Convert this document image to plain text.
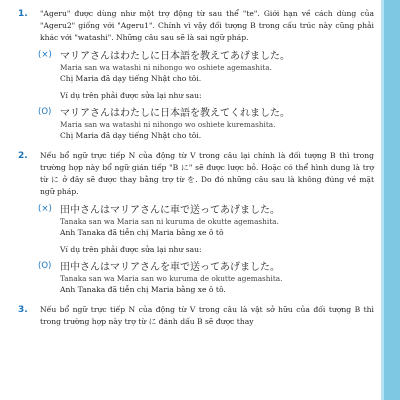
1. "Ageru" được dùng như một trợ động từ sau thể "te". Giới hạn về cách dùng của "Ageru2" giống với "Ageru1". Chính vì vậy đối tượng B trong cấu trúc này cũng phải khác với "watashi". Những câu sau sẽ là sai ngữ pháp.

(×) マリアさんはわたしに日本語を教えてあげました。
Maria san wa watashi ni nihongo wo oshiete agemashita.
Chị Maria đã dạy tiếng Nhật cho tôi.
Ví dụ trên phải được sửa lại như sau:
(O) マリアさんはわたしに日本語を教えてくれました。
Maria san wa watashi ni nihongo wo oshiete kuremashita.
Chị Maria đã dạy tiếng Nhật cho tôi.
2. Nếu bổ ngữ trực tiếp N của động từ V trong câu lại chính là đối tượng B thì trong trường hợp này bổ ngữ gián tiếp "B に" sẽ được lược bỏ. Hoặc có thể hình dung là trợ từ に ở đây sẽ được thay bằng trợ từ を. Do đó những câu sau là không đúng về mặt ngữ pháp.

(×) 田中さんはマリアさんに車で送ってあげました。
Tanaka san wa Maria san ni kuruma de okutte agemashita.
Anh Tanaka đã tiễn chị Maria bằng xe ô tô
Ví dụ trên phải được sửa lại như sau:
(O) 田中さんはマリアさんを車で送ってあげました。
Tanaka san wa Maria san wo kuruma de okutte agemashita.
Anh Tanaka đã tiễn chị Maria bằng xe ô tô.
3. Nếu bổ ngữ trực tiếp N của động từ V trong câu là vật sở hữu của đối tượng B thì trong trường hợp này trợ từ に đánh dấu B sẽ được thay
